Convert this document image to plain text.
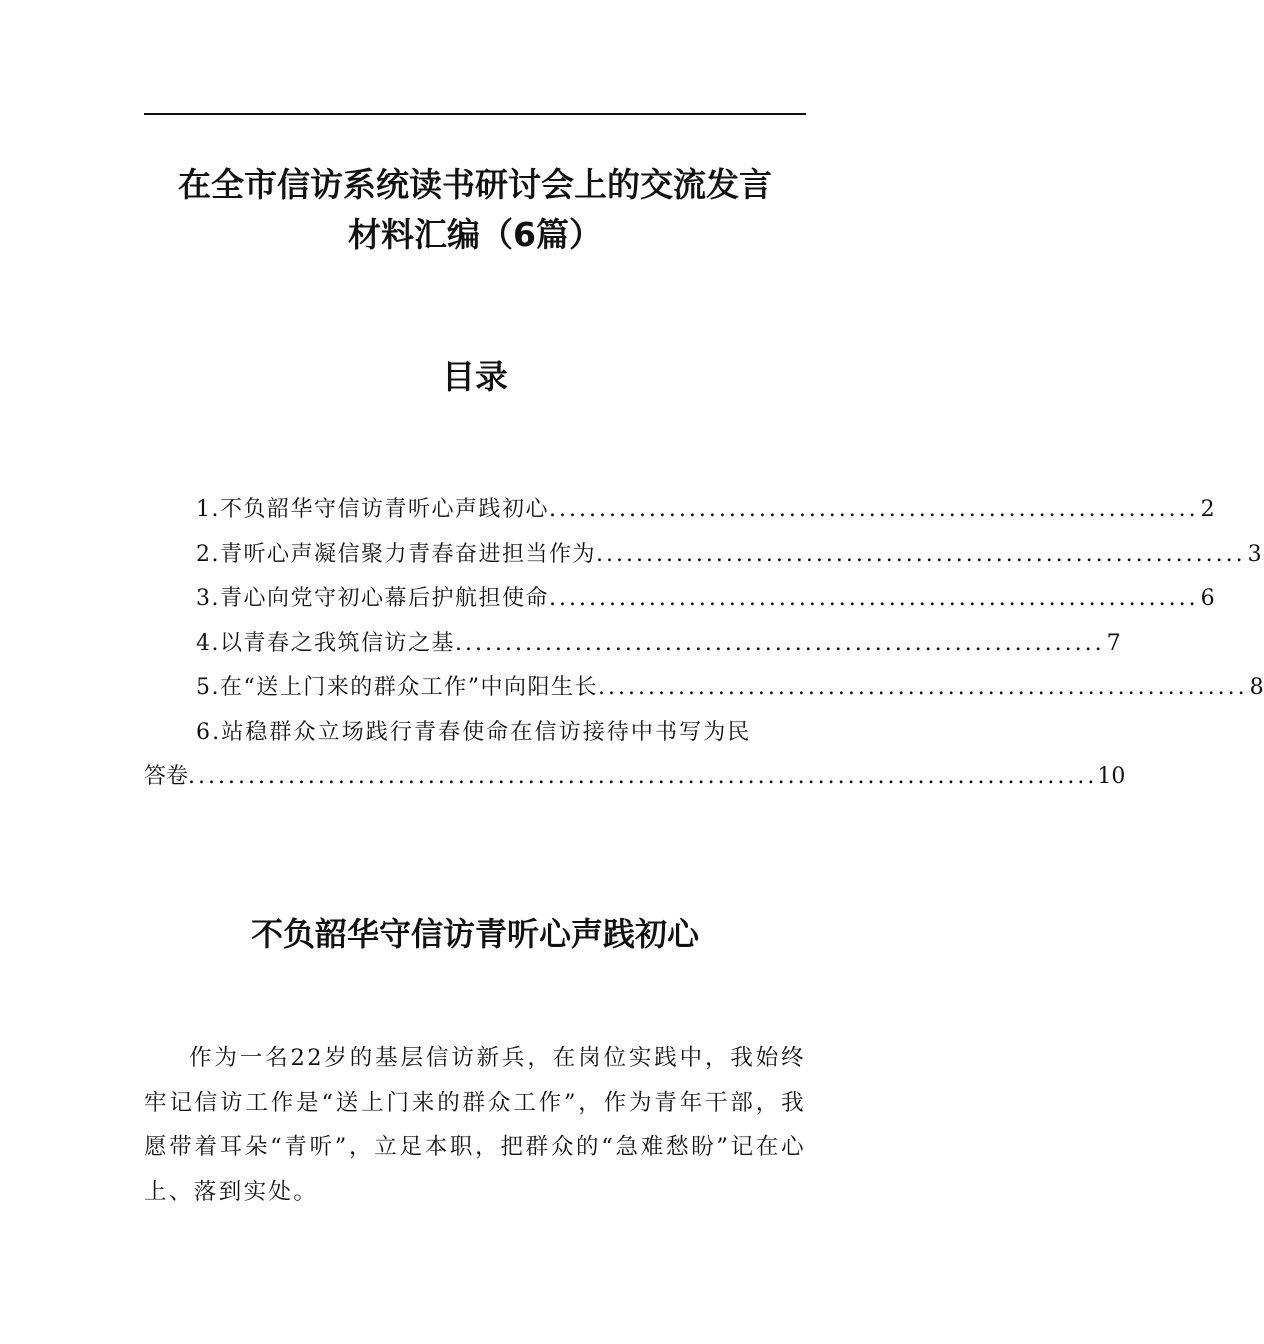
在全市信访系统读书研讨会上的交流发言
材料汇编（6篇）
目录
1.不负韶华守信访青听心声践初心 ................................................................. 2
2.青听心声凝信聚力青春奋进担当作为 ................................................................. 3
3.青心向党守初心幕后护航担使命 ................................................................. 6
4.以青春之我筑信访之基 ................................................................. 7
5.在“送上门来的群众工作”中向阳生长 ................................................................. 8
6.站稳群众立场践行青春使命在信访接待中书写为民
答卷 ........................................................................................... 10
不负韶华守信访青听心声践初心
作为一名22岁的基层信访新兵，在岗位实践中，我始终牢记信访工作是“送上门来的群众工作”，作为青年干部，我愿带着耳朵“青听”，立足本职，把群众的“急难愁盼”记在心上、落到实处。
